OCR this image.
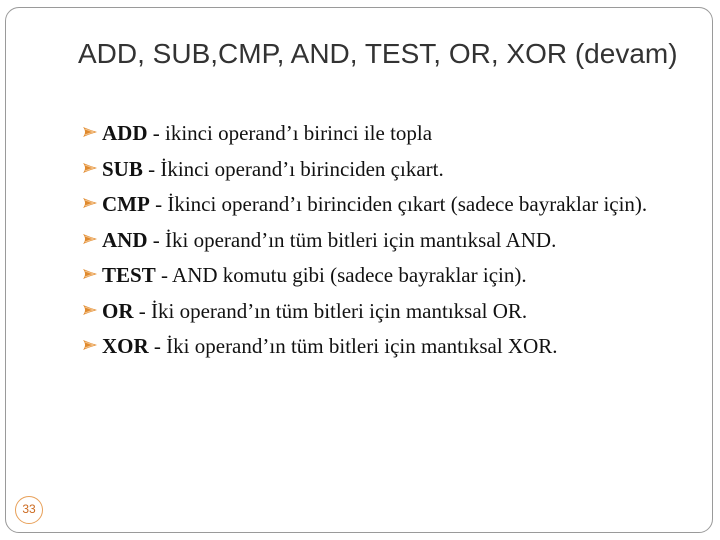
ADD, SUB,CMP, AND, TEST, OR, XOR (devam)
ADD - ikinci operand’ı birinci ile topla
SUB - İkinci operand’ı birinciden çıkart.
CMP - İkinci operand’ı birinciden çıkart (sadece bayraklar için).
AND - İki operand’ın tüm bitleri için mantıksal AND.
TEST - AND komutu gibi (sadece bayraklar için).
OR - İki operand’ın tüm bitleri için mantıksal OR.
XOR - İki operand’ın tüm bitleri için mantıksal XOR.
33
